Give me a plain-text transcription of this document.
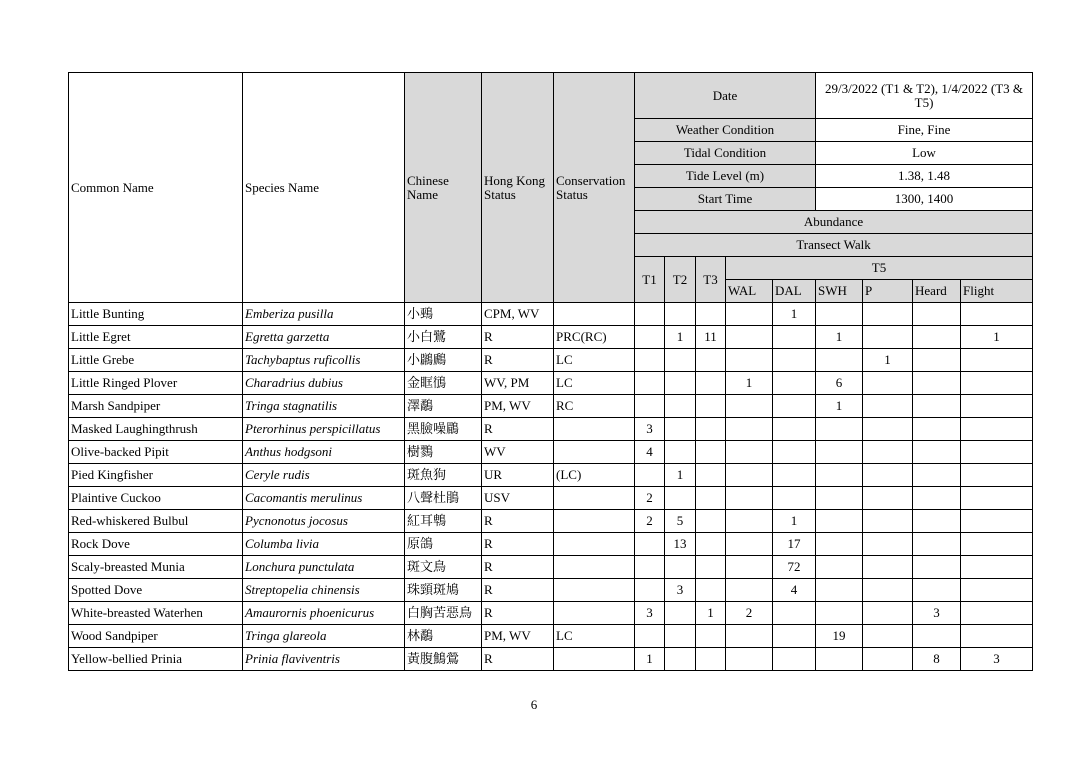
Common Name	Species Name	Chinese Name	Hong Kong Status	Conservation Status	Date					29/3/2022 (T1 & T2), 1/4/2022 (T3 & T5)			

					Weather Condition					Fine, Fine			
					Tidal Condition					Low			
					Tide Level (m)					1.38, 1.48			
					Start Time					1300, 1400			
					Abundance								
					Transect Walk								
					T1	T2	T3	T5					
								WAL	DAL	SWH	P	Heard	Flight
Little Bunting	Emberiza pusilla	小鵐	CPM, WV						1				
Little Egret	Egretta garzetta	小白鷺	R	PRC(RC)		1	11			1			1
Little Grebe	Tachybaptus ruficollis	小鸊鷉	R	LC							1		
Little Ringed Plover	Charadrius dubius	金眶鴴	WV, PM	LC				1		6			
Marsh Sandpiper	Tringa stagnatilis	澤鷸	PM, WV	RC						1			
Masked Laughingthrush	Pterorhinus perspicillatus	黑臉噪鶥	R		3								
Olive-backed Pipit	Anthus hodgsoni	樹鷚	WV		4								
Pied Kingfisher	Ceryle rudis	斑魚狗	UR	(LC)		1							
Plaintive Cuckoo	Cacomantis merulinus	八聲杜鵑	USV		2								
Red-whiskered Bulbul	Pycnonotus jocosus	紅耳鵯	R		2	5			1				
Rock Dove	Columba livia	原鴿	R			13			17				
Scaly-breasted Munia	Lonchura punctulata	斑文鳥	R						72				
Spotted Dove	Streptopelia chinensis	珠頸斑鳩	R			3			4				
White-breasted Waterhen	Amaurornis phoenicurus	白胸苦惡鳥	R		3		1	2				3	
Wood Sandpiper	Tringa glareola	林鷸	PM, WV	LC						19			
Yellow-bellied Prinia	Prinia flaviventris	黃腹鷦鶯	R		1							8	3
6
